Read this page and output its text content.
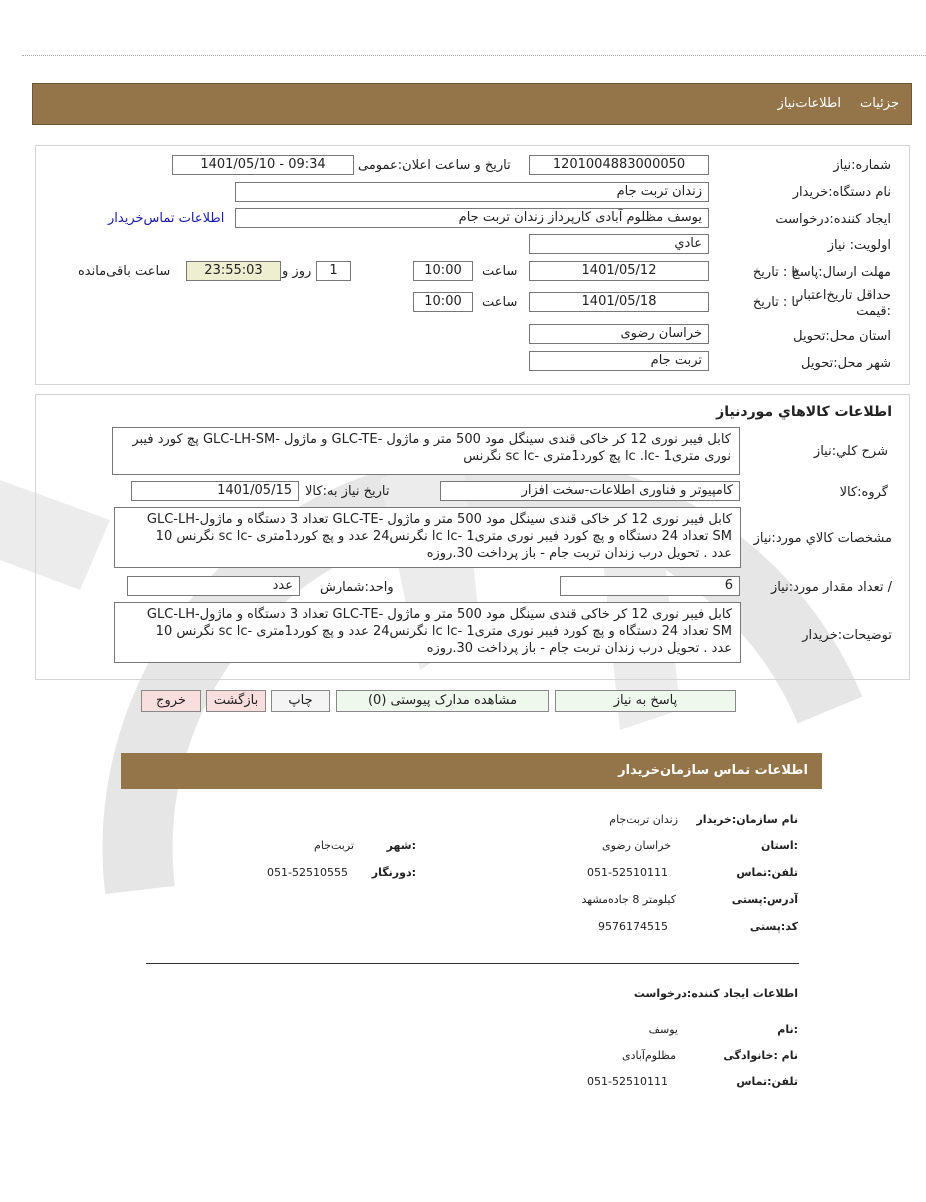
جزئیات
اطلاعات‌نیاز
شماره:نیاز
1201004883000050
تاریخ و ساعت اعلان:عمومی
1401/05/10 - 09:34
نام دستگاه:خریدار
زندان تربت جام
ایجاد کننده:درخواست
یوسف مظلوم آبادی کارپرداز زندان تربت جام
اطلاعات تماس‌خریدار
اولویت: نیاز
عادي
مهلت ارسال:پاسخ
تا : تاریخ
1401/05/12
ساعت
10:00
1
روز و
23:55:03
ساعت باقی‌مانده
حداقل تاریخ‌اعتبار :قیمت
تا : تاریخ
1401/05/18
ساعت
10:00
استان محل:تحویل
خراسان رضوی
شهر محل:تحویل
تربت جام
اطلاعات کالاهاي موردنياز
شرح کلي:نياز
کابل فیبر نوری 12 کر خاکی قندی سینگل مود 500 متر و ماژول -GLC-TE و ماژول -GLC-LH-SM پچ کورد فیبر
نوری متری1 -lc .lc پچ کورد1متری -sc lc نگرنس
گروه:کالا
کامپیوتر و فناوری اطلاعات-سخت افزار
تاریخ نیاز به:کالا
1401/05/15
مشخصات کالاي مورد:نياز
کابل فیبر نوری 12 کر خاکی قندی سینگل مود 500 متر و ماژول -GLC-TE تعداد 3 دستگاه و ماژول-GLC-LH
SM تعداد 24 دستگاه و پچ کورد فیبر نوری متری1 -lc lc نگرنس24 عدد و پچ کورد1متری -sc lc نگرنس 10
عدد . تحویل درب زندان تربت جام - باز پرداخت 30.روزه
/ تعداد مقدار مورد:نیاز
6
واحد:شمارش
عدد
توضیحات:خریدار
کابل فیبر نوری 12 کر خاکی قندی سینگل مود 500 متر و ماژول -GLC-TE تعداد 3 دستگاه و ماژول-GLC-LH
SM تعداد 24 دستگاه و پچ کورد فیبر نوری متری1 -lc lc نگرنس24 عدد و پچ کورد1متری -sc lc نگرنس 10
عدد . تحویل درب زندان تربت جام - باز پرداخت 30.روزه
پاسخ به نیاز
مشاهده مدارک پیوستی (0)
چاپ
بازگشت
خروج
اطلاعات تماس سازمان‌خریدار
نام سازمان:خریدار
زندان تربت‌جام
:استان
خراسان رضوی
:شهر
تربت‌جام
تلفن:تماس
051-52510111
:دورنگار
051-52510555
آدرس:پستی
کیلومتر 8 جاده‌مشهد
کد:پستی
9576174515
اطلاعات ایجاد کننده:درخواست
:نام
یوسف
نام :خانوادگی
مظلوم‌آبادی
تلفن:تماس
051-52510111
